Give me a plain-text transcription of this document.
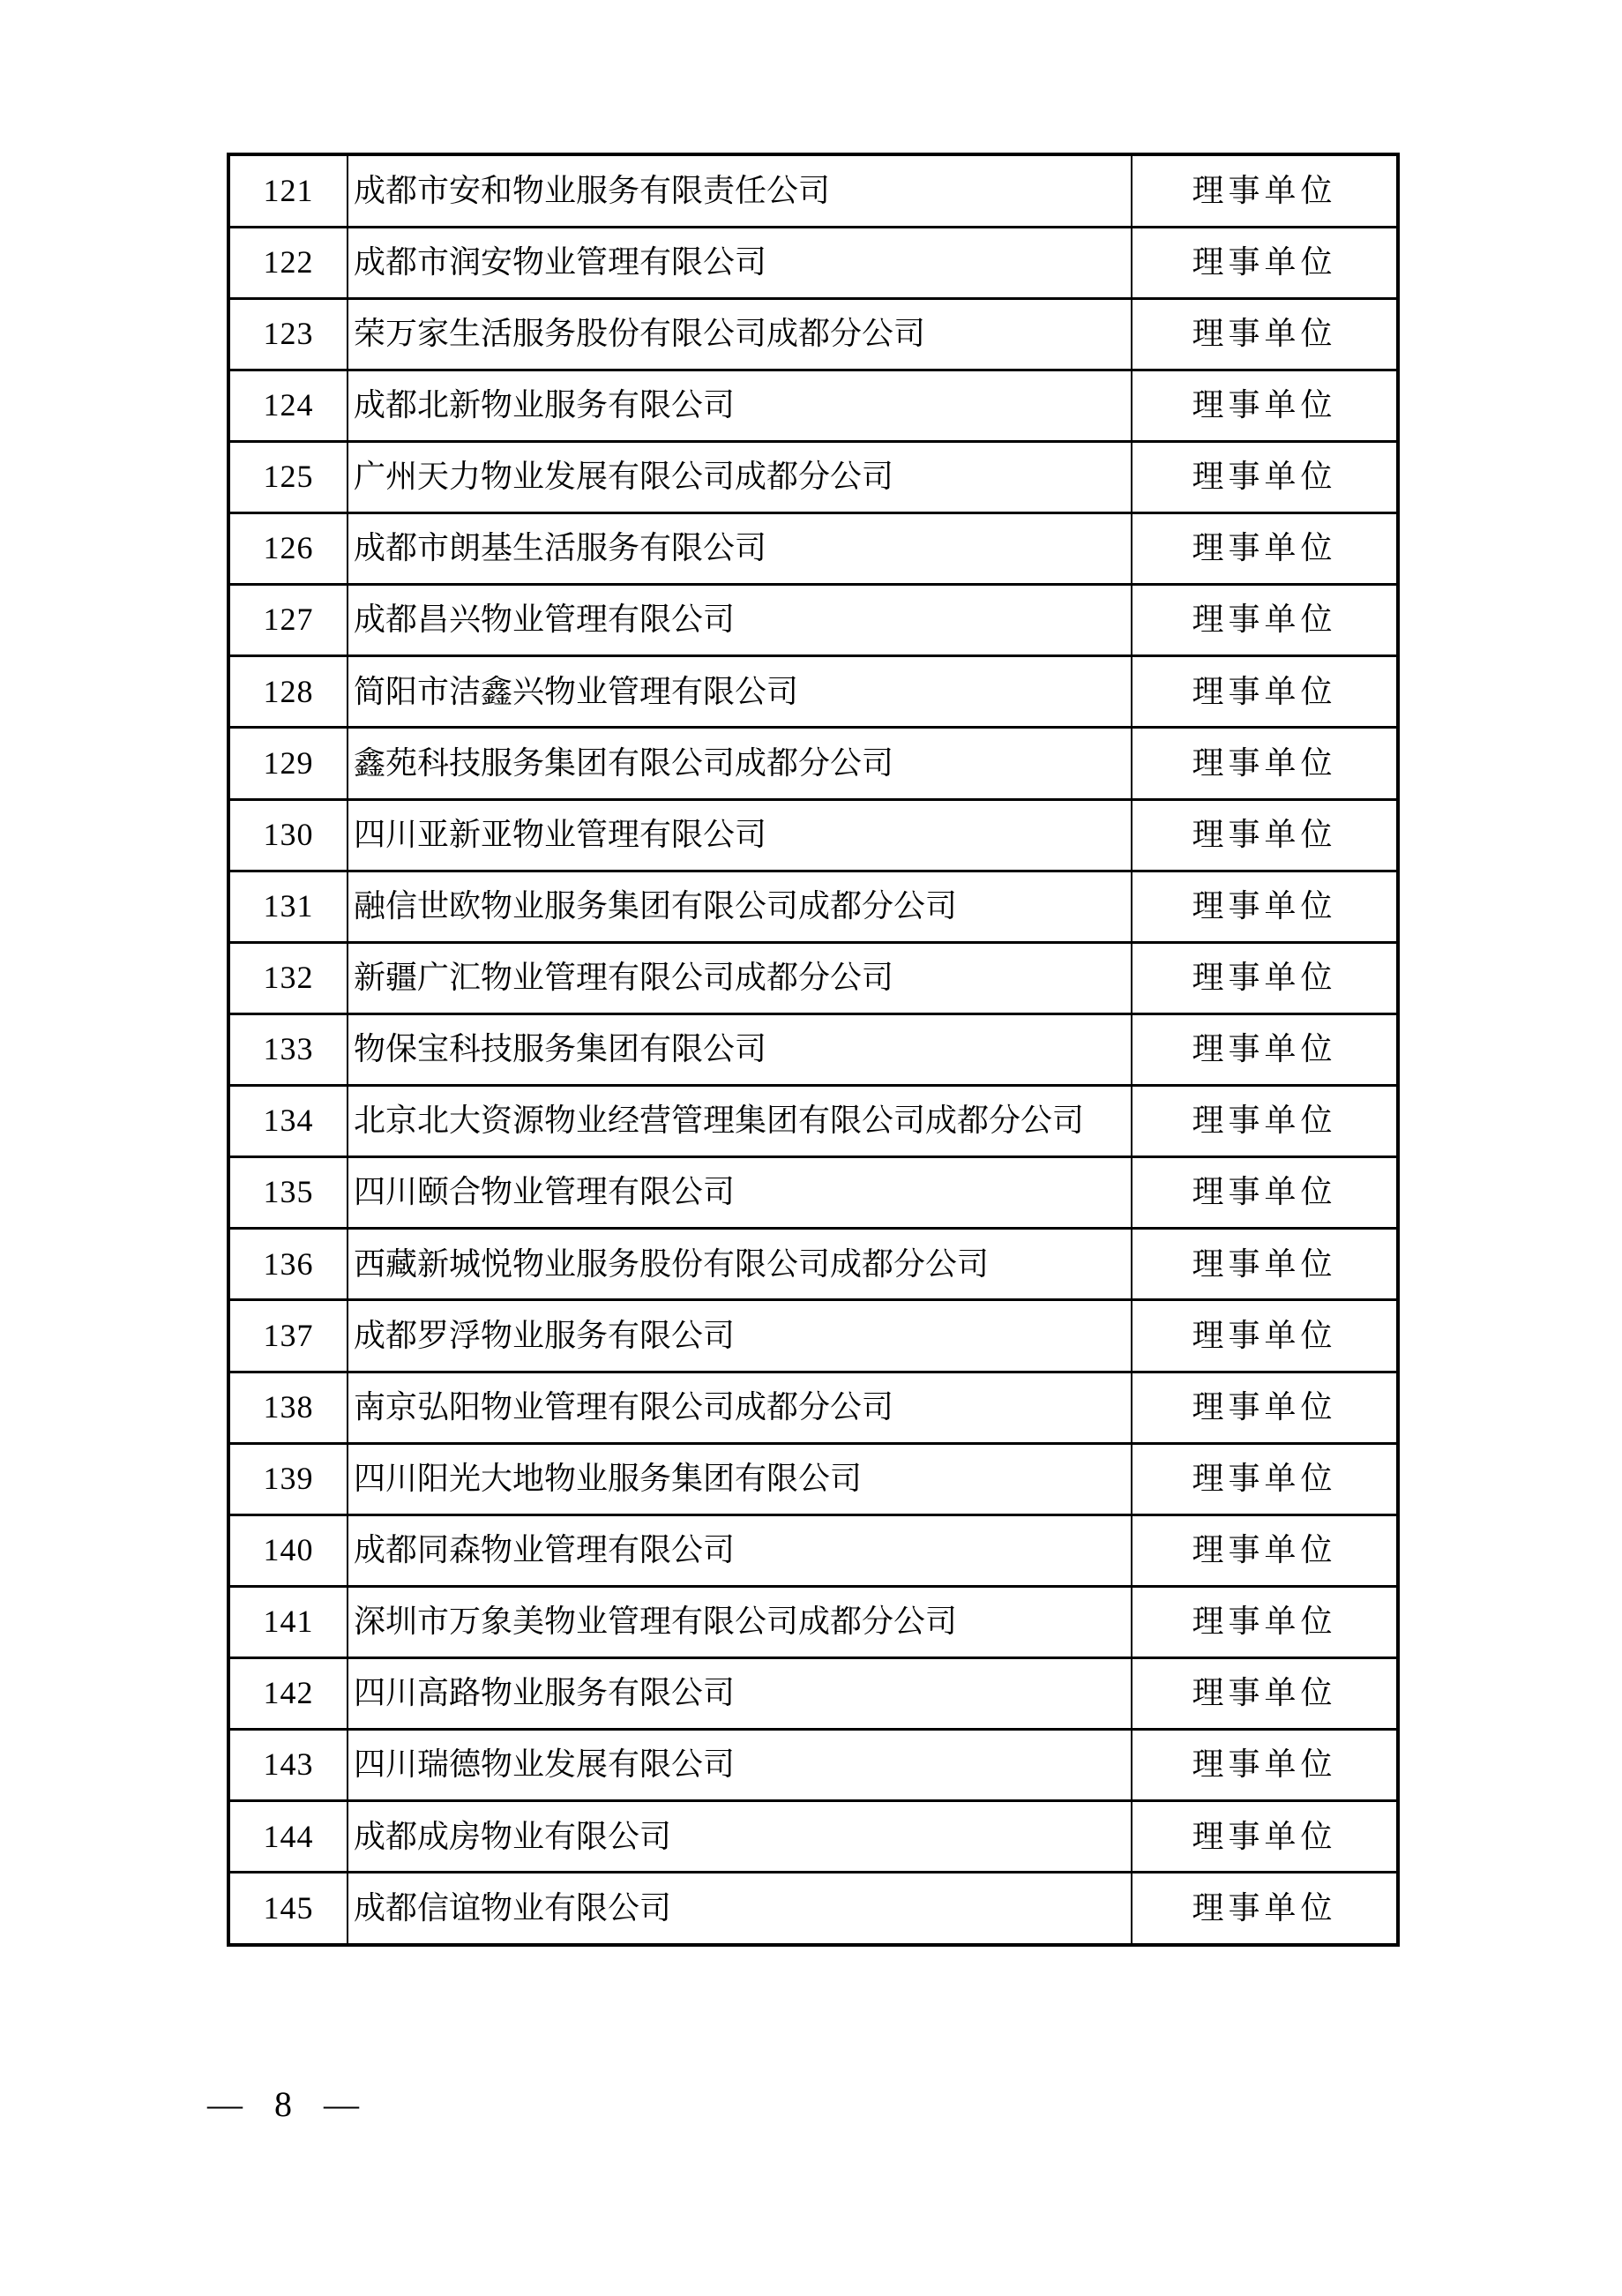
121	成都市安和物业服务有限责任公司	理事单位
122	成都市润安物业管理有限公司	理事单位
123	荣万家生活服务股份有限公司成都分公司	理事单位
124	成都北新物业服务有限公司	理事单位
125	广州天力物业发展有限公司成都分公司	理事单位
126	成都市朗基生活服务有限公司	理事单位
127	成都昌兴物业管理有限公司	理事单位
128	简阳市洁鑫兴物业管理有限公司	理事单位
129	鑫苑科技服务集团有限公司成都分公司	理事单位
130	四川亚新亚物业管理有限公司	理事单位
131	融信世欧物业服务集团有限公司成都分公司	理事单位
132	新疆广汇物业管理有限公司成都分公司	理事单位
133	物保宝科技服务集团有限公司	理事单位
134	北京北大资源物业经营管理集团有限公司成都分公司	理事单位
135	四川颐合物业管理有限公司	理事单位
136	西藏新城悦物业服务股份有限公司成都分公司	理事单位
137	成都罗浮物业服务有限公司	理事单位
138	南京弘阳物业管理有限公司成都分公司	理事单位
139	四川阳光大地物业服务集团有限公司	理事单位
140	成都同森物业管理有限公司	理事单位
141	深圳市万象美物业管理有限公司成都分公司	理事单位
142	四川高路物业服务有限公司	理事单位
143	四川瑞德物业发展有限公司	理事单位
144	成都成房物业有限公司	理事单位
145	成都信谊物业有限公司	理事单位
— 8 —
